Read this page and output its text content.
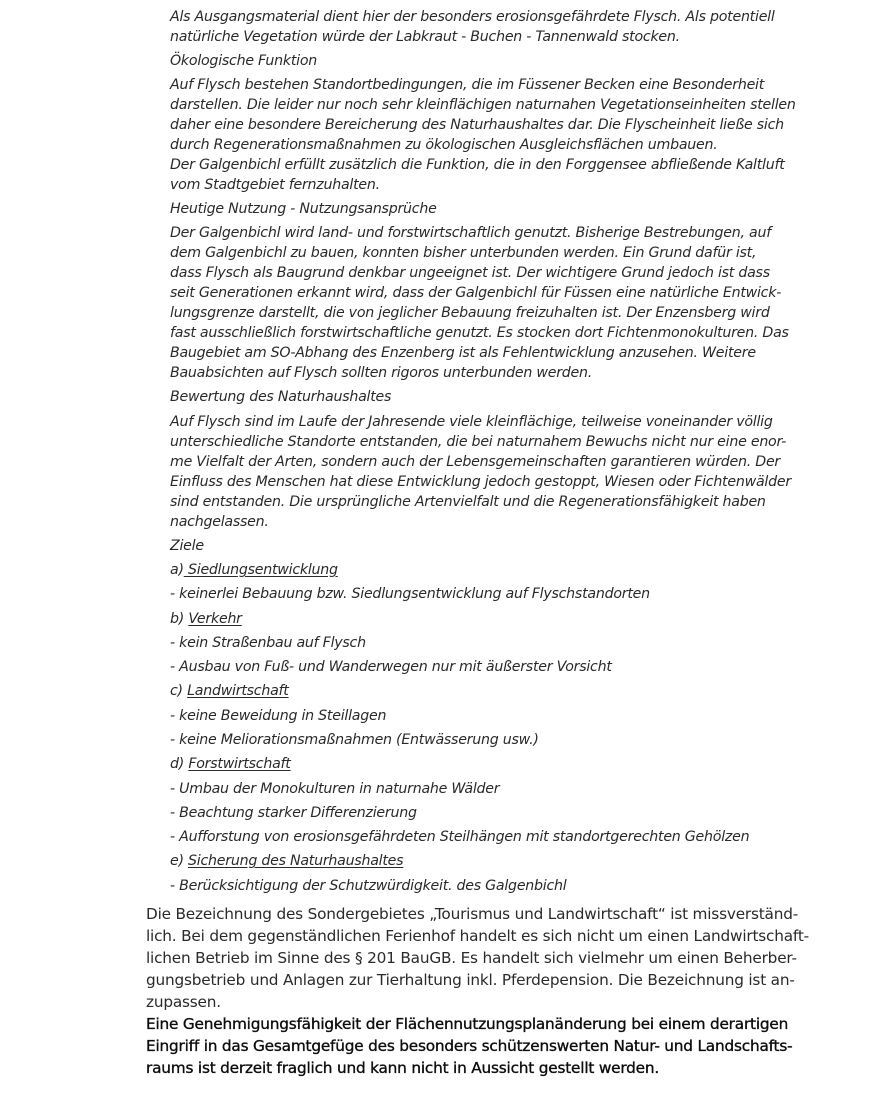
Als Ausgangsmaterial dient hier der besonders erosionsgefährdete Flysch. Als potentiell
natürliche Vegetation würde der Labkraut - Buchen - Tannenwald stocken.
Ökologische Funktion
Auf Flysch bestehen Standortbedingungen, die im Füssener Becken eine Besonderheit
darstellen. Die leider nur noch sehr kleinflächigen naturnahen Vegetationseinheiten stellen
daher eine besondere Bereicherung des Naturhaushaltes dar. Die Flyscheinheit ließe sich
durch Regenerationsmaßnahmen zu ökologischen Ausgleichsflächen umbauen.
Der Galgenbichl erfüllt zusätzlich die Funktion, die in den Forggensee abfließende Kaltluft
vom Stadtgebiet fernzuhalten.
Heutige Nutzung - Nutzungsansprüche
Der Galgenbichl wird land- und forstwirtschaftlich genutzt. Bisherige Bestrebungen, auf
dem Galgenbichl zu bauen, konnten bisher unterbunden werden. Ein Grund dafür ist,
dass Flysch als Baugrund denkbar ungeeignet ist. Der wichtigere Grund jedoch ist dass
seit Generationen erkannt wird, dass der Galgenbichl für Füssen eine natürliche Entwick-
lungsgrenze darstellt, die von jeglicher Bebauung freizuhalten ist. Der Enzensberg wird
fast ausschließlich forstwirtschaftliche genutzt. Es stocken dort Fichtenmonokulturen. Das
Baugebiet am SO-Abhang des Enzenberg ist als Fehlentwicklung anzusehen. Weitere
Bauabsichten auf Flysch sollten rigoros unterbunden werden.
Bewertung des Naturhaushaltes
Auf Flysch sind im Laufe der Jahresende viele kleinflächige, teilweise voneinander völlig
unterschiedliche Standorte entstanden, die bei naturnahem Bewuchs nicht nur eine enor-
me Vielfalt der Arten, sondern auch der Lebensgemeinschaften garantieren würden. Der
Einfluss des Menschen hat diese Entwicklung jedoch gestoppt, Wiesen oder Fichtenwälder
sind entstanden. Die ursprüngliche Artenvielfalt und die Regenerationsfähigkeit haben
nachgelassen.
Ziele
a) Siedlungsentwicklung
- keinerlei Bebauung bzw. Siedlungsentwicklung auf Flyschstandorten
b) Verkehr
- kein Straßenbau auf Flysch
- Ausbau von Fuß- und Wanderwegen nur mit äußerster Vorsicht
c) Landwirtschaft
- keine Beweidung in Steillagen
- keine Meliorationsmaßnahmen (Entwässerung usw.)
d) Forstwirtschaft
- Umbau der Monokulturen in naturnahe Wälder
- Beachtung starker Differenzierung
- Aufforstung von erosionsgefährdeten Steilhängen mit standortgerechten Gehölzen
e) Sicherung des Naturhaushaltes
- Berücksichtigung der Schutzwürdigkeit. des Galgenbichl
Die Bezeichnung des Sondergebietes „Tourismus und Landwirtschaft“ ist missverständ-
lich. Bei dem gegenständlichen Ferienhof handelt es sich nicht um einen Landwirtschaft-
lichen Betrieb im Sinne des § 201 BauGB. Es handelt sich vielmehr um einen Beherber-
gungsbetrieb und Anlagen zur Tierhaltung inkl. Pferdepension. Die Bezeichnung ist an-
zupassen.
Eine Genehmigungsfähigkeit der Flächennutzungsplanänderung bei einem derartigen
Eingriff in das Gesamtgefüge des besonders schützenswerten Natur- und Landschafts-
raums ist derzeit fraglich und kann nicht in Aussicht gestellt werden.
